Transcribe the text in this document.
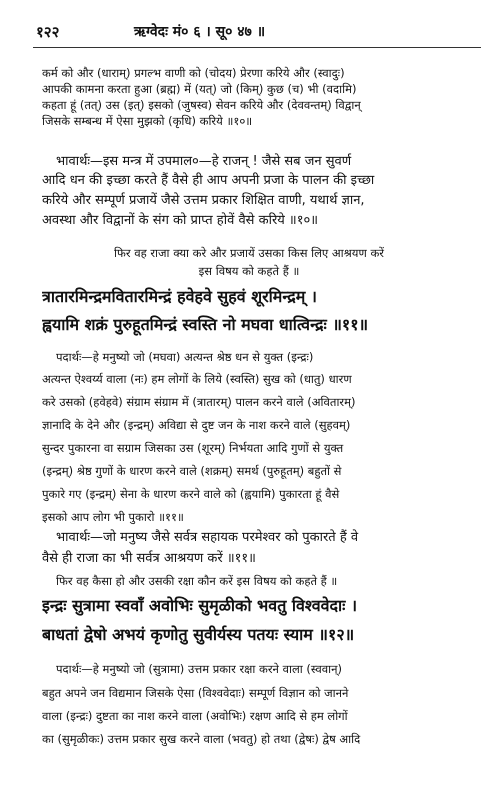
१२२	ऋग्वेदः मं० ६ । सू० ४७ ॥
कर्म को और (धाराम्) प्रगल्भ वाणी को (चोदय) प्रेरणा करिये और (स्वादुः)
आपकी कामना करता हुआ (ब्रह्म) में (यत्) जो (किम्) कुछ (च) भी (वदामि)
कहता हूं (तत्) उस (इत्) इसको (जुषस्व) सेवन करिये और (देववन्तम्) विद्वान्
जिसके सम्बन्ध में ऐसा मुझको (कृधि) करिये ॥१०॥
भावार्थः—इस मन्त्र में उपमाल०—हे राजन् ! जैसे सब जन सुवर्ण
आदि धन की इच्छा करते हैं वैसे ही आप अपनी प्रजा के पालन की इच्छा
करिये और सम्पूर्ण प्रजायें जैसे उत्तम प्रकार शिक्षित वाणी, यथार्थ ज्ञान,
अवस्था और विद्वानों के संग को प्राप्त होवें वैसे करिये ॥१०॥
फिर वह राजा क्या करे और प्रजायें उसका किस लिए आश्रयण करें
इस विषय को कहते हैं ॥
त्रातारमिन्द्रमवितारमिन्द्रं हवेहवे सुहवं शूरमिन्द्रम् ।
ह्वयामि शक्रं पुरुहूतमिन्द्रं स्वस्ति नो मघवा धात्विन्द्रः ॥११॥
पदार्थः—हे मनुष्यो जो (मघवा) अत्यन्त श्रेष्ठ धन से युक्त (इन्द्रः)
अत्यन्त ऐश्वर्य्य वाला (नः) हम लोगों के लिये (स्वस्ति) सुख को (धातु) धारण
करे उसको (हवेहवे) संग्राम संग्राम में (त्रातारम्) पालन करने वाले (अवितारम्)
ज्ञानादि के देने और (इन्द्रम्) अविद्या से दुष्ट जन के नाश करने वाले (सुहवम्)
सुन्दर पुकारना वा सग्राम जिसका उस (शूरम्) निर्भयता आदि गुणों से युक्त
(इन्द्रम्) श्रेष्ठ गुणों के धारण करने वाले (शक्रम्) समर्थ (पुरुहूतम्) बहुतों से
पुकारे गए (इन्द्रम्) सेना के धारण करने वाले को (ह्वयामि) पुकारता हूं वैसे
इसको आप लोग भी पुकारो ॥११॥
भावार्थः—जो मनुष्य जैसे सर्वत्र सहायक परमेश्वर को पुकारते हैं वे
वैसे ही राजा का भी सर्वत्र आश्रयण करें ॥११॥
फिर वह कैसा हो और उसकी रक्षा कौन करें इस विषय को कहते हैं ॥
इन्द्रः सुत्रामा स्ववाँ अवोभिः सुमृळीको भवतु विश्ववेदाः ।
बाधतां द्वेषो अभयं कृणोतु सुवीर्यस्य पतयः स्याम ॥१२॥
पदार्थः—हे मनुष्यो जो (सुत्रामा) उत्तम प्रकार रक्षा करने वाला (स्ववान्)
बहुत अपने जन विद्यमान जिसके ऐसा (विश्ववेदाः) सम्पूर्ण विज्ञान को जानने
वाला (इन्द्रः) दुष्टता का नाश करने वाला (अवोभिः) रक्षण आदि से हम लोगों
का (सुमृळीकः) उत्तम प्रकार सुख करने वाला (भवतु) हो तथा (द्वेषः) द्वेष आदि
